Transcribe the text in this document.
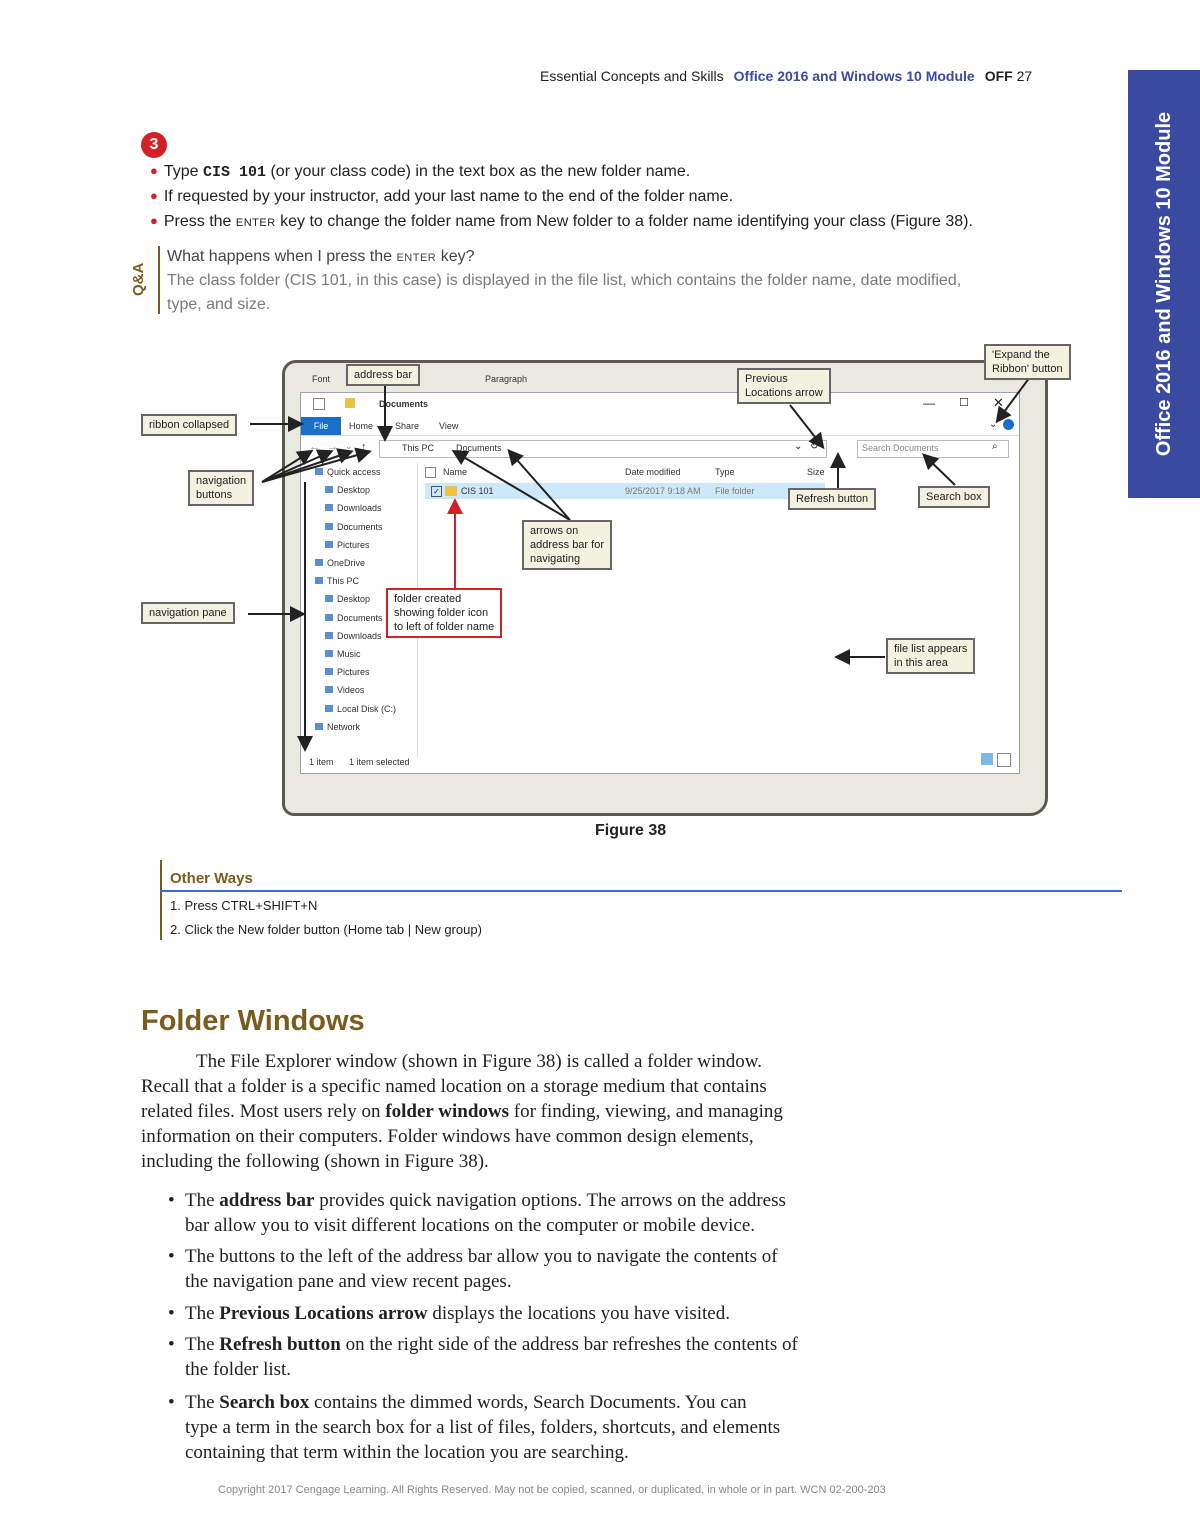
Essential Concepts and Skills Office 2016 and Windows 10 Module OFF 27
Office 2016 and Windows 10 Module
3
● Type CIS 101 (or your class code) in the text box as the new folder name.
● If requested by your instructor, add your last name to the end of the folder name.
● Press the ENTER key to change the folder name from New folder to a folder name identifying your class (Figure 38).
Q&A
What happens when I press the ENTER key?
The class folder (CIS 101, in this case) is displayed in the file list, which contains the folder name, date modified,
type, and size.
Font	Paragraph
Documents	— ☐ ✕
File	Home Share View	⌄
← → ⌄ ↑	This PC Documents	⌄ ↻	Search Documents	⌕
Quick access
Desktop
Downloads
Documents
Pictures
OneDrive
This PC
Desktop
Documents
Downloads
Music
Pictures
Videos
Local Disk (C:)
Network
Name	Date modified	Type	Size
✓ CIS 101	9/25/2017 9:18 AM File folder
1 item 1 item selected
address bar	Previous
Locations arrow
'Expand the
Ribbon' button
ribbon collapsed
navigation
buttons	Refresh button	Search box
arrows on
address bar for
navigating
navigation pane
folder created
showing folder icon
to left of folder name
file list appears
in this area
Figure 38
Other Ways
1. Press CTRL+SHIFT+N
2. Click the New folder button (Home tab | New group)
Folder Windows
The File Explorer window (shown in Figure 38) is called a folder window.
Recall that a folder is a specific named location on a storage medium that contains
related files. Most users rely on folder windows for finding, viewing, and managing
information on their computers. Folder windows have common design elements,
including the following (shown in Figure 38).
• The address bar provides quick navigation options. The arrows on the address
bar allow you to visit different locations on the computer or mobile device.
• The buttons to the left of the address bar allow you to navigate the contents of
the navigation pane and view recent pages.
• The Previous Locations arrow displays the locations you have visited.
• The Refresh button on the right side of the address bar refreshes the contents of
the folder list.
• The Search box contains the dimmed words, Search Documents. You can
type a term in the search box for a list of files, folders, shortcuts, and elements
containing that term within the location you are searching.
Copyright 2017 Cengage Learning. All Rights Reserved. May not be copied, scanned, or duplicated, in whole or in part. WCN 02-200-203
